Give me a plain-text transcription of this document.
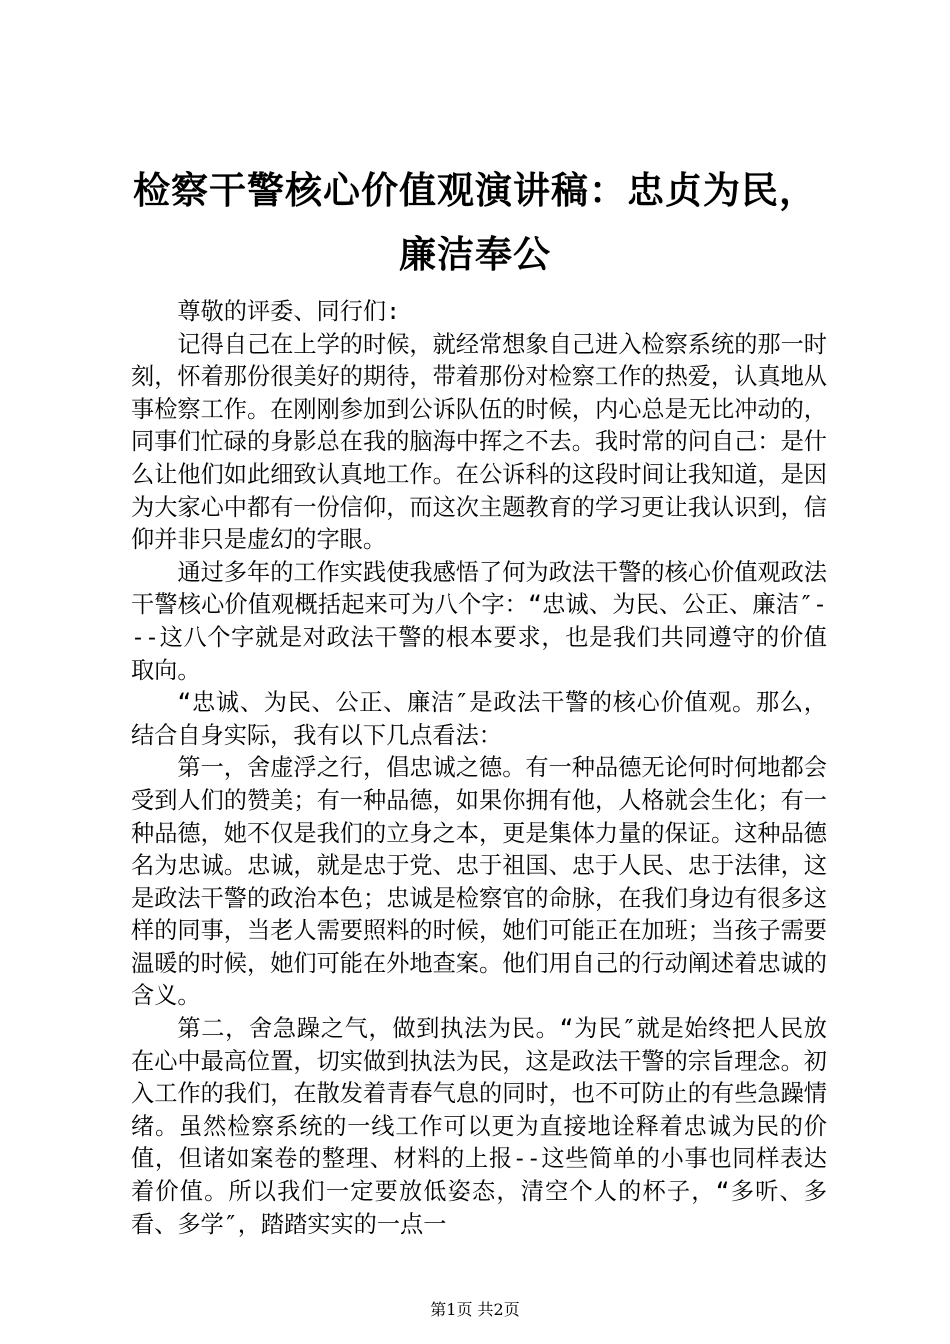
检察干警核心价值观演讲稿：忠贞为民，廉洁奉公

尊敬的评委、同行们:

记得自己在上学的时候，就经常想象自己进入检察系统的那一时刻，怀着那份很美好的期待，带着那份对检察工作的热爱，认真地从事检察工作。在刚刚参加到公诉队伍的时候，内心总是无比冲动的，同事们忙碌的身影总在我的脑海中挥之不去。我时常的问自己：是什么让他们如此细致认真地工作。在公诉科的这段时间让我知道，是因为大家心中都有一份信仰，而这次主题教育的学习更让我认识到，信仰并非只是虚幻的字眼。

通过多年的工作实践使我感悟了何为政法干警的核心价值观政法干警核心价值观概括起来可为八个字：“忠诚、为民、公正、廉洁″---这八个字就是对政法干警的根本要求，也是我们共同遵守的价值取向。

“忠诚、为民、公正、廉洁″是政法干警的核心价值观。那么，结合自身实际，我有以下几点看法：

第一，舍虚浮之行，倡忠诚之德。有一种品德无论何时何地都会受到人们的赞美；有一种品德，如果你拥有他，人格就会生化；有一种品德，她不仅是我们的立身之本，更是集体力量的保证。这种品德名为忠诚。忠诚，就是忠于党、忠于祖国、忠于人民、忠于法律，这是政法干警的政治本色；忠诚是检察官的命脉，在我们身边有很多这样的同事，当老人需要照料的时候，她们可能正在加班；当孩子需要温暖的时候，她们可能在外地查案。他们用自己的行动阐述着忠诚的含义。

第二，舍急躁之气，做到执法为民。“为民″就是始终把人民放在心中最高位置，切实做到执法为民，这是政法干警的宗旨理念。初入工作的我们，在散发着青春气息的同时，也不可防止的有些急躁情绪。虽然检察系统的一线工作可以更为直接地诠释着忠诚为民的价值，但诸如案卷的整理、材料的上报--这些简单的小事也同样表达着价值。所以我们一定要放低姿态，清空个人的杯子，“多听、多看、多学″，踏踏实实的一点一

第1页 共2页
